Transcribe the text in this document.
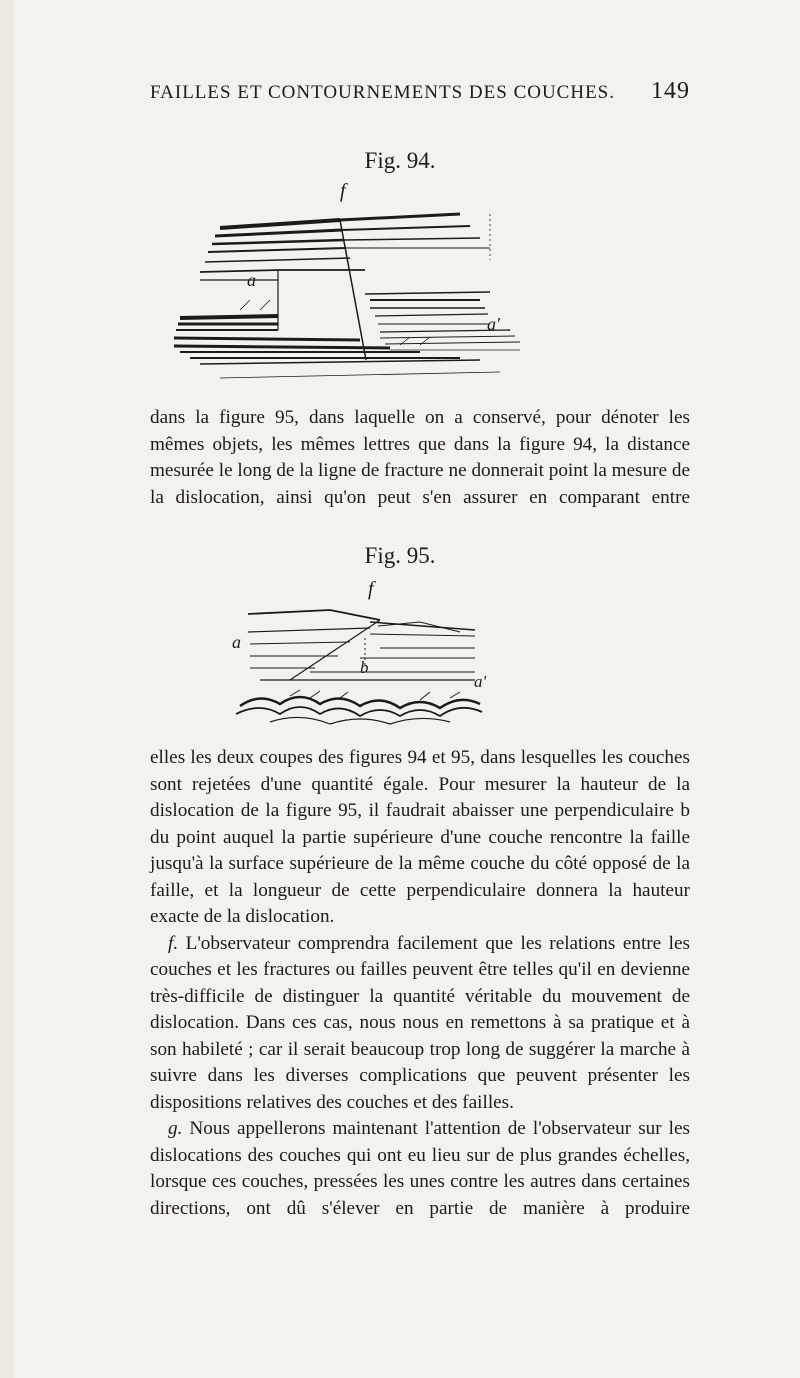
FAILLES ET CONTOURNEMENTS DES COUCHES. 149
Fig. 94.
f
a
a'

dans la figure 95, dans laquelle on a conservé, pour dénoter les mêmes objets, les mêmes lettres que dans la figure 94, la distance mesurée le long de la ligne de fracture ne donnerait point la mesure de la dislocation, ainsi qu'on peut s'en assurer en comparant entre

Fig. 95.
f
a
b
a'

elles les deux coupes des figures 94 et 95, dans lesquelles les couches sont rejetées d'une quantité égale. Pour mesurer la hauteur de la dislocation de la figure 95, il faudrait abaisser une perpendiculaire b du point auquel la partie supérieure d'une couche rencontre la faille jusqu'à la surface supérieure de la même couche du côté opposé de la faille, et la longueur de cette perpendiculaire donnera la hauteur exacte de la dislocation.

f. L'observateur comprendra facilement que les relations entre les couches et les fractures ou failles peuvent être telles qu'il en devienne très-difficile de distinguer la quantité véritable du mouvement de dislocation. Dans ces cas, nous nous en remettons à sa pratique et à son habileté ; car il serait beaucoup trop long de suggérer la marche à suivre dans les diverses complications que peuvent présenter les dispositions relatives des couches et des failles.

g. Nous appellerons maintenant l'attention de l'observateur sur les dislocations des couches qui ont eu lieu sur de plus grandes échelles, lorsque ces couches, pressées les unes contre les autres dans certaines directions, ont dû s'élever en partie de manière à produire
